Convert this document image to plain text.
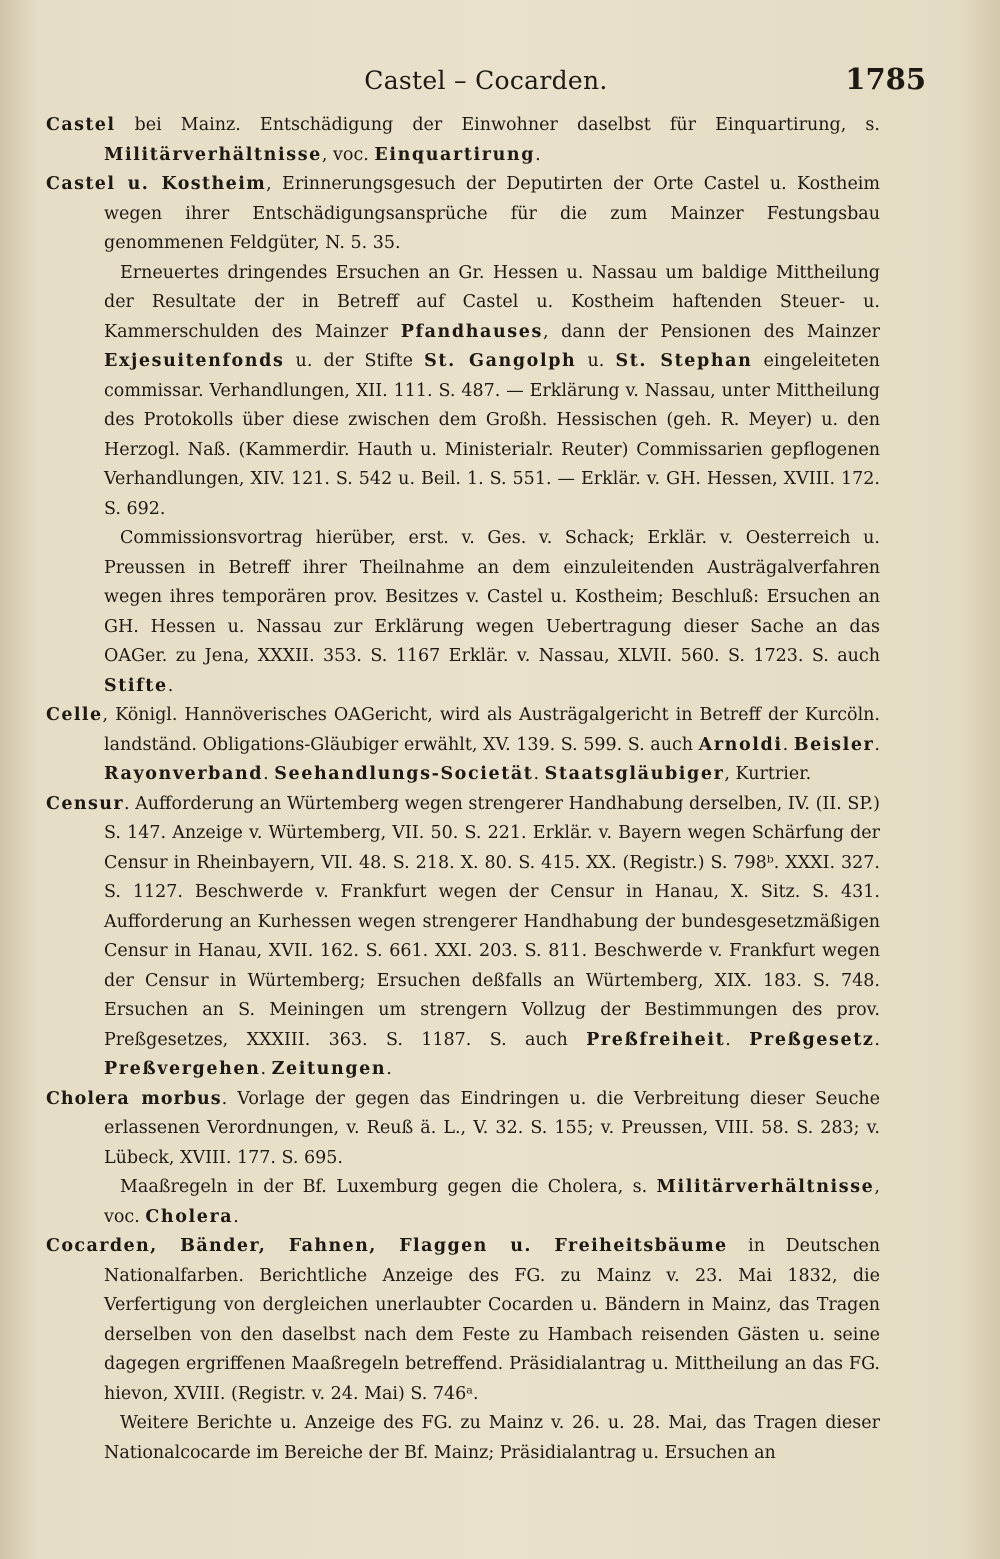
Castel – Cocarden.	1785

Castel bei Mainz. Entschädigung der Einwohner daselbst für Einquartirung, s. Militärverhältnisse, voc. Einquartirung.

Castel u. Kostheim, Erinnerungsgesuch der Deputirten der Orte Castel u. Kostheim wegen ihrer Entschädigungsansprüche für die zum Mainzer Festungsbau genommenen Feldgüter, N. 5. 35.

Erneuertes dringendes Ersuchen an Gr. Hessen u. Nassau um baldige Mittheilung der Resultate der in Betreff auf Castel u. Kostheim haftenden Steuer- u. Kammerschulden des Mainzer Pfandhauses, dann der Pensionen des Mainzer Exjesuitenfonds u. der Stifte St. Gangolph u. St. Stephan eingeleiteten commissar. Verhandlungen, XII. 111. S. 487. — Erklärung v. Nassau, unter Mittheilung des Protokolls über diese zwischen dem Großh. Hessischen (geh. R. Meyer) u. den Herzogl. Naß. (Kammerdir. Hauth u. Ministerialr. Reuter) Commissarien gepflogenen Verhandlungen, XIV. 121. S. 542 u. Beil. 1. S. 551. — Erklär. v. GH. Hessen, XVIII. 172. S. 692.

Commissionsvortrag hierüber, erst. v. Ges. v. Schack; Erklär. v. Oesterreich u. Preussen in Betreff ihrer Theilnahme an dem einzuleitenden Austrägalverfahren wegen ihres temporären prov. Besitzes v. Castel u. Kostheim; Beschluß: Ersuchen an GH. Hessen u. Nassau zur Erklärung wegen Uebertragung dieser Sache an das OAGer. zu Jena, XXXII. 353. S. 1167 Erklär. v. Nassau, XLVII. 560. S. 1723. S. auch Stifte.

Celle, Königl. Hannöverisches OAGericht, wird als Austrägalgericht in Betreff der Kurcöln. landständ. Obligations-Gläubiger erwählt, XV. 139. S. 599. S. auch Arnoldi. Beisler. Rayonverband. Seehandlungs-Societät. Staatsgläubiger, Kurtrier.

Censur. Aufforderung an Würtemberg wegen strengerer Handhabung derselben, IV. (II. SP.) S. 147. Anzeige v. Würtemberg, VII. 50. S. 221. Erklär. v. Bayern wegen Schärfung der Censur in Rheinbayern, VII. 48. S. 218. X. 80. S. 415. XX. (Registr.) S. 798ᵇ. XXXI. 327. S. 1127. Beschwerde v. Frankfurt wegen der Censur in Hanau, X. Sitz. S. 431. Aufforderung an Kurhessen wegen strengerer Handhabung der bundesgesetzmäßigen Censur in Hanau, XVII. 162. S. 661. XXI. 203. S. 811. Beschwerde v. Frankfurt wegen der Censur in Würtemberg; Ersuchen deßfalls an Würtemberg, XIX. 183. S. 748. Ersuchen an S. Meiningen um strengern Vollzug der Bestimmungen des prov. Preßgesetzes, XXXIII. 363. S. 1187. S. auch Preßfreiheit. Preßgesetz. Preßvergehen. Zeitungen.

Cholera morbus. Vorlage der gegen das Eindringen u. die Verbreitung dieser Seuche erlassenen Verordnungen, v. Reuß ä. L., V. 32. S. 155; v. Preussen, VIII. 58. S. 283; v. Lübeck, XVIII. 177. S. 695.

Maaßregeln in der Bf. Luxemburg gegen die Cholera, s. Militärverhältnisse, voc. Cholera.

Cocarden, Bänder, Fahnen, Flaggen u. Freiheitsbäume in Deutschen Nationalfarben. Berichtliche Anzeige des FG. zu Mainz v. 23. Mai 1832, die Verfertigung von dergleichen unerlaubter Cocarden u. Bändern in Mainz, das Tragen derselben von den daselbst nach dem Feste zu Hambach reisenden Gästen u. seine dagegen ergriffenen Maaßregeln betreffend. Präsidialantrag u. Mittheilung an das FG. hievon, XVIII. (Registr. v. 24. Mai) S. 746ᵃ.

Weitere Berichte u. Anzeige des FG. zu Mainz v. 26. u. 28. Mai, das Tragen dieser Nationalcocarde im Bereiche der Bf. Mainz; Präsidialantrag u. Ersuchen an
